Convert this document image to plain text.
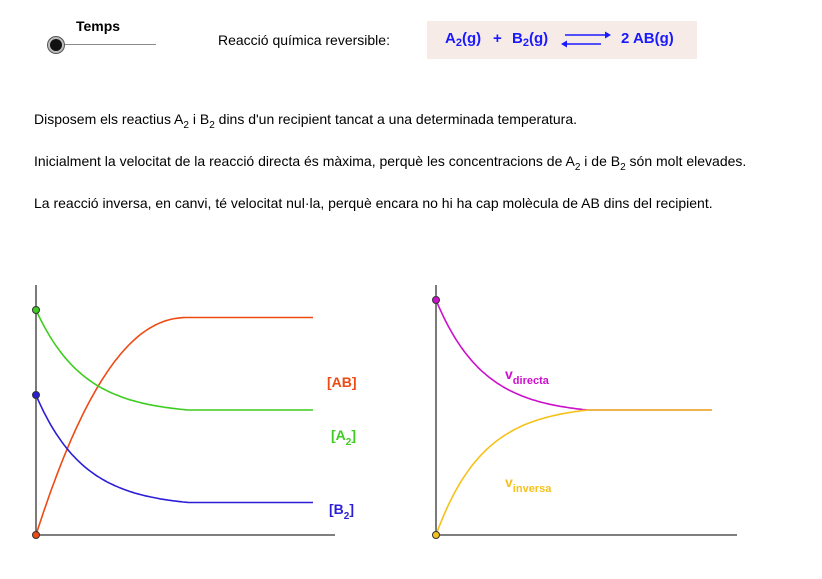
Temps
Reacció química reversible:	$A_2(g) + B_2(g)$ ⇌ 2 AB(g)
Disposem els reactius $A_2$ i $B_2$ dins d'un recipient tancat a una determinada temperatura.
Inicialment la velocitat de la reacció directa és màxima, perquè les concentracions de $A_2$ i de $B_2$ són molt elevades.
La reacció inversa, en canvi, té velocitat nul·la, perquè encara no hi ha cap molècula de AB dins del recipient.
[AB]
$[A_2]$
$[B_2]$
$v_{directa}$
$v_{inversa}$
